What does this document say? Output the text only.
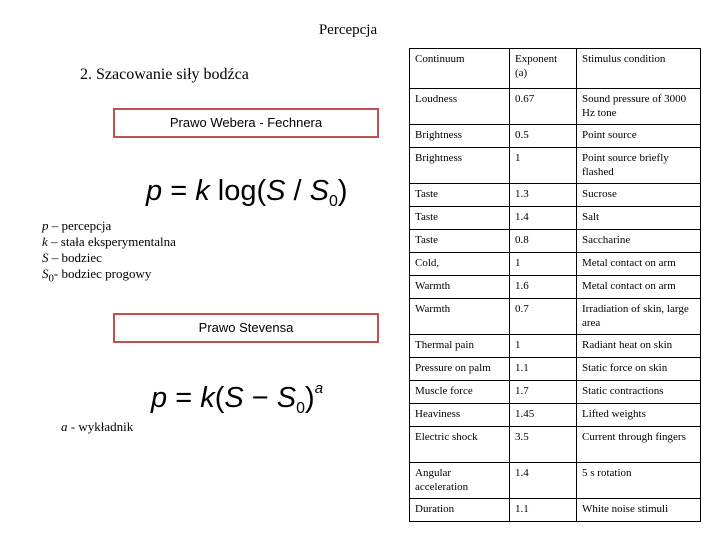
Percepcja
2. Szacowanie siły bodźca
Prawo Webera - Fechnera
p = k $\log(S / S_0)$
p – percepcja
k – stała eksperymentalna
S – bodziec
$S_0-$ bodziec progowy
Prawo Stevensa
$p = k(S - S_0)^a$
a - wykładnik
Continuum	Exponent (a)	Stimulus condition
Loudness	0.67	Sound pressure of 3000 Hz tone
Brightness	0.5	Point source
Brightness	1	Point source briefly flashed
Taste	1.3	Sucrose
Taste	1.4	Salt
Taste	0.8	Saccharine
Cold,	1	Metal contact on arm
Warmth	1.6	Metal contact on arm
Warmth	0.7	Irradiation of skin, large area
Thermal pain	1	Radiant heat on skin
Pressure on palm	1.1	Static force on skin
Muscle force	1.7	Static contractions
Heaviness	1.45	Lifted weights
Electric shock	3.5	Current through fingers
Angular acceleration	1.4	5 s rotation
Duration	1.1	White noise stimuli
